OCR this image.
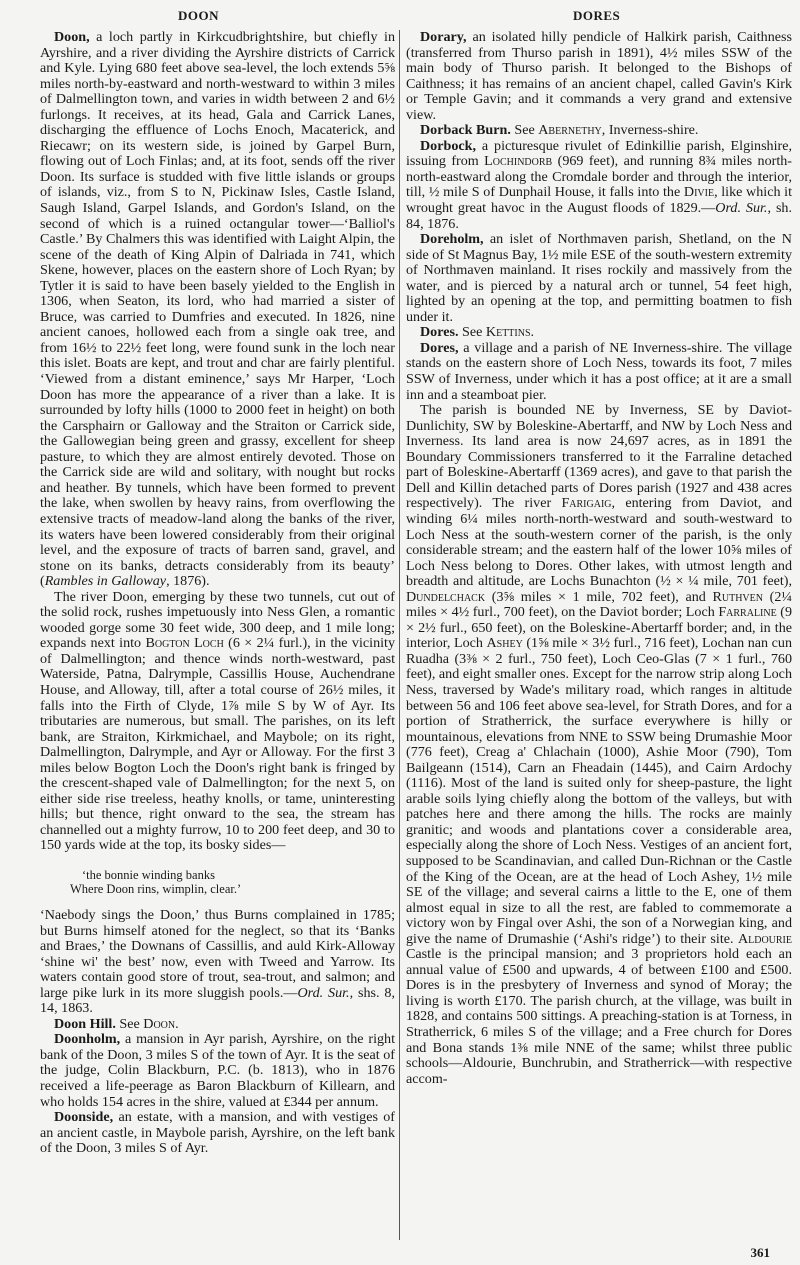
DOON	DORES

Doon, a loch partly in Kirkcudbrightshire, but chiefly in Ayrshire, and a river dividing the Ayrshire districts of Carrick and Kyle. Lying 680 feet above sea-level, the loch extends 5⅝ miles north-by-eastward and north-westward to within 3 miles of Dalmellington town, and varies in width between 2 and 6½ furlongs. It receives, at its head, Gala and Carrick Lanes, discharging the effluence of Lochs Enoch, Macaterick, and Riecawr; on its western side, is joined by Garpel Burn, flowing out of Loch Finlas; and, at its foot, sends off the river Doon. Its surface is studded with five little islands or groups of islands, viz., from S to N, Pickinaw Isles, Castle Island, Saugh Island, Garpel Islands, and Gordon's Island, on the second of which is a ruined octangular tower—‘Balliol's Castle.’ By Chalmers this was identified with Laight Alpin, the scene of the death of King Alpin of Dalriada in 741, which Skene, however, places on the eastern shore of Loch Ryan; by Tytler it is said to have been basely yielded to the English in 1306, when Seaton, its lord, who had married a sister of Bruce, was carried to Dumfries and executed. In 1826, nine ancient canoes, hollowed each from a single oak tree, and from 16½ to 22½ feet long, were found sunk in the loch near this islet. Boats are kept, and trout and char are fairly plentiful. ‘Viewed from a distant eminence,’ says Mr Harper, ‘Loch Doon has more the appearance of a river than a lake. It is surrounded by lofty hills (1000 to 2000 feet in height) on both the Carsphairn or Galloway and the Straiton or Carrick side, the Gallowegian being green and grassy, excellent for sheep pasture, to which they are almost entirely devoted. Those on the Carrick side are wild and solitary, with nought but rocks and heather. By tunnels, which have been formed to prevent the lake, when swollen by heavy rains, from overflowing the extensive tracts of meadow-land along the banks of the river, its waters have been lowered considerably from their original level, and the exposure of tracts of barren sand, gravel, and stone on its banks, detracts considerably from its beauty’ (Rambles in Galloway, 1876).

The river Doon, emerging by these two tunnels, cut out of the solid rock, rushes impetuously into Ness Glen, a romantic wooded gorge some 30 feet wide, 300 deep, and 1 mile long; expands next into Bogton Loch (6 × 2¼ furl.), in the vicinity of Dalmellington; and thence winds north-westward, past Waterside, Patna, Dalrymple, Cassillis House, Auchendrane House, and Alloway, till, after a total course of 26½ miles, it falls into the Firth of Clyde, 1⅞ mile S by W of Ayr. Its tributaries are numerous, but small. The parishes, on its left bank, are Straiton, Kirkmichael, and Maybole; on its right, Dalmellington, Dalrymple, and Ayr or Alloway. For the first 3 miles below Bogton Loch the Doon's right bank is fringed by the crescent-shaped vale of Dalmellington; for the next 5, on either side rise treeless, heathy knolls, or tame, uninteresting hills; but thence, right onward to the sea, the stream has channelled out a mighty furrow, 10 to 200 feet deep, and 30 to 150 yards wide at the top, its bosky sides—

‘the bonnie winding banks
Where Doon rins, wimplin, clear.’

‘Naebody sings the Doon,’ thus Burns complained in 1785; but Burns himself atoned for the neglect, so that its ‘Banks and Braes,’ the Downans of Cassillis, and auld Kirk-Alloway ‘shine wi' the best’ now, even with Tweed and Yarrow. Its waters contain good store of trout, sea-trout, and salmon; and large pike lurk in its more sluggish pools.—Ord. Sur., shs. 8, 14, 1863.

Doon Hill. See Doon.

Doonholm, a mansion in Ayr parish, Ayrshire, on the right bank of the Doon, 3 miles S of the town of Ayr. It is the seat of the judge, Colin Blackburn, P.C. (b. 1813), who in 1876 received a life-peerage as Baron Blackburn of Killearn, and who holds 154 acres in the shire, valued at £344 per annum.

Doonside, an estate, with a mansion, and with vestiges of an ancient castle, in Maybole parish, Ayrshire, on the left bank of the Doon, 3 miles S of Ayr.

Dorary, an isolated hilly pendicle of Halkirk parish, Caithness (transferred from Thurso parish in 1891), 4½ miles SSW of the main body of Thurso parish. It belonged to the Bishops of Caithness; it has remains of an ancient chapel, called Gavin's Kirk or Temple Gavin; and it commands a very grand and extensive view.

Dorback Burn. See Abernethy, Inverness-shire.

Dorbock, a picturesque rivulet of Edinkillie parish, Elginshire, issuing from Lochindorb (969 feet), and running 8¾ miles north-north-eastward along the Cromdale border and through the interior, till, ½ mile S of Dunphail House, it falls into the Divie, like which it wrought great havoc in the August floods of 1829.—Ord. Sur., sh. 84, 1876.

Doreholm, an islet of Northmaven parish, Shetland, on the N side of St Magnus Bay, 1½ mile ESE of the south-western extremity of Northmaven mainland. It rises rockily and massively from the water, and is pierced by a natural arch or tunnel, 54 feet high, lighted by an opening at the top, and permitting boatmen to fish under it.

Dores. See Kettins.

Dores, a village and a parish of NE Inverness-shire. The village stands on the eastern shore of Loch Ness, towards its foot, 7 miles SSW of Inverness, under which it has a post office; at it are a small inn and a steamboat pier.

The parish is bounded NE by Inverness, SE by Daviot-Dunlichity, SW by Boleskine-Abertarff, and NW by Loch Ness and Inverness. Its land area is now 24,697 acres, as in 1891 the Boundary Commissioners transferred to it the Farraline detached part of Boleskine-Abertarff (1369 acres), and gave to that parish the Dell and Killin detached parts of Dores parish (1927 and 438 acres respectively). The river Farigaig, entering from Daviot, and winding 6¼ miles north-north-westward and south-westward to Loch Ness at the south-western corner of the parish, is the only considerable stream; and the eastern half of the lower 10⅝ miles of Loch Ness belong to Dores. Other lakes, with utmost length and breadth and altitude, are Lochs Bunachton (½ × ¼ mile, 701 feet), Dundelchack (3⅝ miles × 1 mile, 702 feet), and Ruthven (2¼ miles × 4½ furl., 700 feet), on the Daviot border; Loch Farraline (9 × 2½ furl., 650 feet), on the Boleskine-Abertarff border; and, in the interior, Loch Ashey (1⅝ mile × 3½ furl., 716 feet), Lochan nan cun Ruadha (3⅜ × 2 furl., 750 feet), Loch Ceo-Glas (7 × 1 furl., 760 feet), and eight smaller ones. Except for the narrow strip along Loch Ness, traversed by Wade's military road, which ranges in altitude between 56 and 106 feet above sea-level, for Strath Dores, and for a portion of Stratherrick, the surface everywhere is hilly or mountainous, elevations from NNE to SSW being Drumashie Moor (776 feet), Creag a' Chlachain (1000), Ashie Moor (790), Tom Bailgeann (1514), Carn an Fheadain (1445), and Cairn Ardochy (1116). Most of the land is suited only for sheep-pasture, the light arable soils lying chiefly along the bottom of the valleys, but with patches here and there among the hills. The rocks are mainly granitic; and woods and plantations cover a considerable area, especially along the shore of Loch Ness. Vestiges of an ancient fort, supposed to be Scandinavian, and called Dun-Richnan or the Castle of the King of the Ocean, are at the head of Loch Ashey, 1½ mile SE of the village; and several cairns a little to the E, one of them almost equal in size to all the rest, are fabled to commemorate a victory won by Fingal over Ashi, the son of a Norwegian king, and give the name of Drumashie (‘Ashi's ridge’) to their site. Aldourie Castle is the principal mansion; and 3 proprietors hold each an annual value of £500 and upwards, 4 of between £100 and £500. Dores is in the presbytery of Inverness and synod of Moray; the living is worth £170. The parish church, at the village, was built in 1828, and contains 500 sittings. A preaching-station is at Torness, in Stratherrick, 6 miles S of the village; and a Free church for Dores and Bona stands 1⅜ mile NNE of the same; whilst three public schools—Aldourie, Bunchrubin, and Stratherrick—with respective accom-

361
